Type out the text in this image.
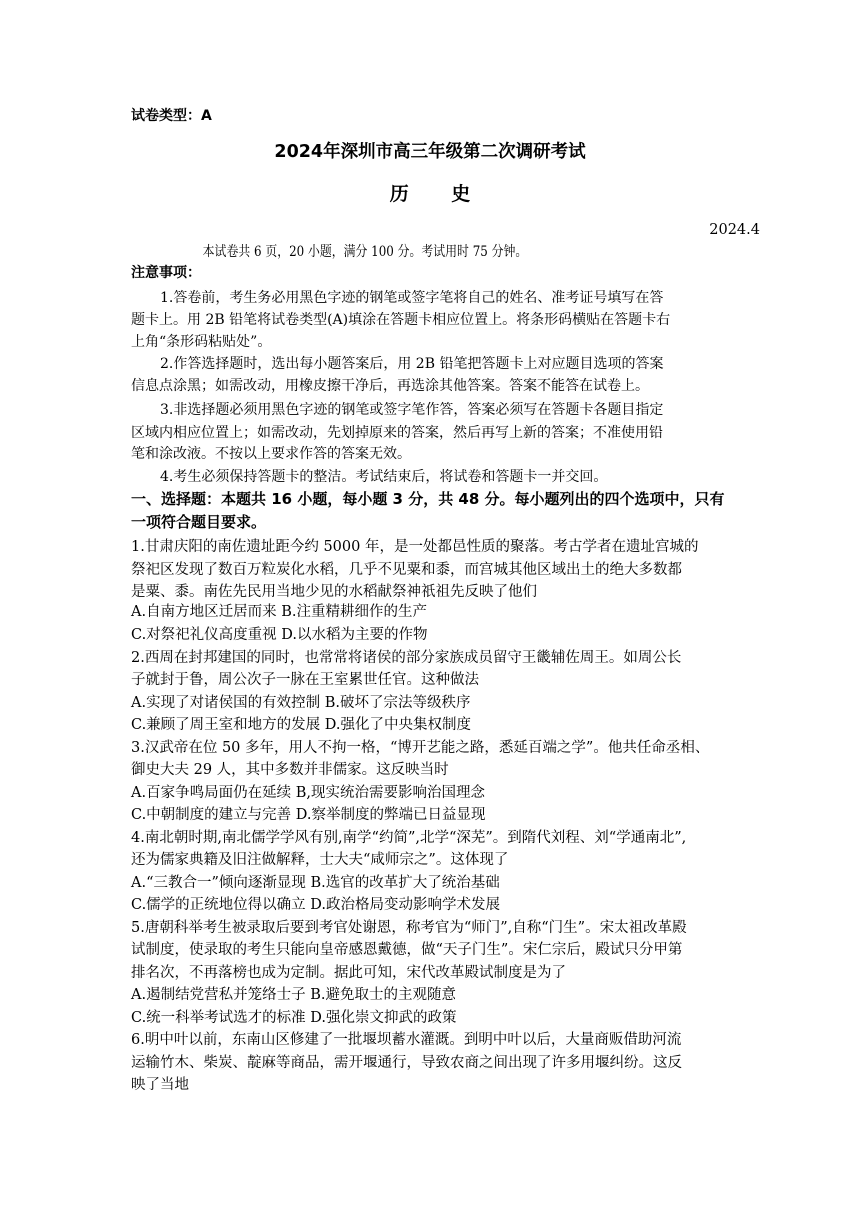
试卷类型：A
2024年深圳市高三年级第二次调研考试
历 史
2024.4
本试卷共 6 页，20 小题，满分 100 分。考试用时 75 分钟。
注意事项：
1.答卷前，考生务必用黑色字迹的钢笔或签字笔将自己的姓名、准考证号填写在答
题卡上。用 2B 铅笔将试卷类型(A)填涂在答题卡相应位置上。将条形码横贴在答题卡右
上角“条形码粘贴处”。
2.作答选择题时，选出每小题答案后，用 2B 铅笔把答题卡上对应题目选项的答案
信息点涂黑；如需改动，用橡皮擦干净后，再选涂其他答案。答案不能答在试卷上。
3.非选择题必须用黑色字迹的钢笔或签字笔作答，答案必须写在答题卡各题目指定
区域内相应位置上；如需改动，先划掉原来的答案，然后再写上新的答案；不准使用铅
笔和涂改液。不按以上要求作答的答案无效。
4.考生必须保持答题卡的整洁。考试结束后，将试卷和答题卡一并交回。
一、选择题：本题共 16 小题，每小题 3 分，共 48 分。每小题列出的四个选项中，只有
一项符合题目要求。
1.甘肃庆阳的南佐遗址距今约 5000 年，是一处都邑性质的聚落。考古学者在遗址宫城的
祭祀区发现了数百万粒炭化水稻，几乎不见粟和黍，而宫城其他区域出土的绝大多数都
是粟、黍。南佐先民用当地少见的水稻献祭神祇祖先反映了他们
A.自南方地区迁居而来 B.注重精耕细作的生产
C.对祭祀礼仪高度重视 D.以水稻为主要的作物
2.西周在封邦建国的同时，也常常将诸侯的部分家族成员留守王畿辅佐周王。如周公长
子就封于鲁，周公次子一脉在王室累世任官。这种做法
A.实现了对诸侯国的有效控制 B.破坏了宗法等级秩序
C.兼顾了周王室和地方的发展 D.强化了中央集权制度
3.汉武帝在位 50 多年，用人不拘一格，“博开艺能之路，悉延百端之学”。他共任命丞相、
御史大夫 29 人，其中多数并非儒家。这反映当时
A.百家争鸣局面仍在延续 B,现实统治需要影响治国理念
C.中朝制度的建立与完善 D.察举制度的弊端已日益显现
4.南北朝时期,南北儒学学风有别,南学“约简”,北学“深芜”。到隋代刘程、刘“学通南北”,
还为儒家典籍及旧注做解释，士大夫“咸师宗之”。这体现了
A.“三教合一”倾向逐渐显现 B.选官的改革扩大了统治基础
C.儒学的正统地位得以确立 D.政治格局变动影响学术发展
5.唐朝科举考生被录取后要到考官处谢恩，称考官为“师门”,自称“门生”。宋太祖改革殿
试制度，使录取的考生只能向皇帝感恩戴德，做“天子门生”。宋仁宗后，殿试只分甲第
排名次，不再落榜也成为定制。据此可知，宋代改革殿试制度是为了
A.遏制结党营私并笼络士子 B.避免取士的主观随意
C.统一科举考试选才的标准 D.强化崇文抑武的政策
6.明中叶以前，东南山区修建了一批堰坝蓄水灌溉。到明中叶以后，大量商贩借助河流
运输竹木、柴炭、靛麻等商品，需开堰通行，导致农商之间出现了许多用堰纠纷。这反
映了当地
